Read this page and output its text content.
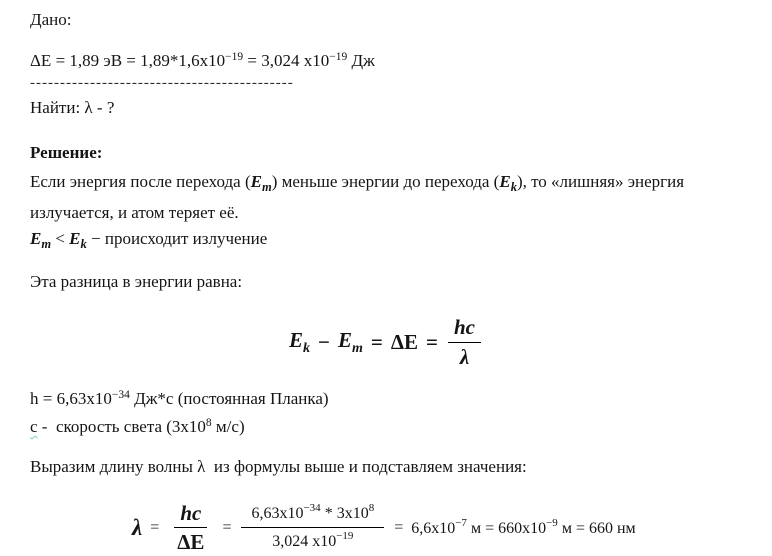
Дано:
ΔE = 1,89 эВ = $1,89*1,6x10^{-19} = 3,024$ $x10^{-19}$ Дж
--------------------------------------------
Найти: λ - ?
Решение:

Если энергия после перехода $(E_m)$ меньше энергии до перехода $(E_k)$, то «лишняя» энергия излучается, и атом теряет её.

$E_m < E_k$ − происходит излучение
Эта разница в энергии равна:
$E_k - E_m = \Delta E = \frac{hc}{\lambda}$
$h = 6,63x10^{-34}$ Дж*с (постоянная Планка)
с -  скорость света ($3x10^8$ м/с)
Выразим длину волны λ  из формулы выше и подставляем значения:
$\lambda = \frac{hc}{\Delta E} = \frac{6,63x10^{-34} * 3x10^8}{3,024 x10^{-19}} = 6,6x10^{-7}$ $м = 660x10^{-9}$ м = 660 нм
